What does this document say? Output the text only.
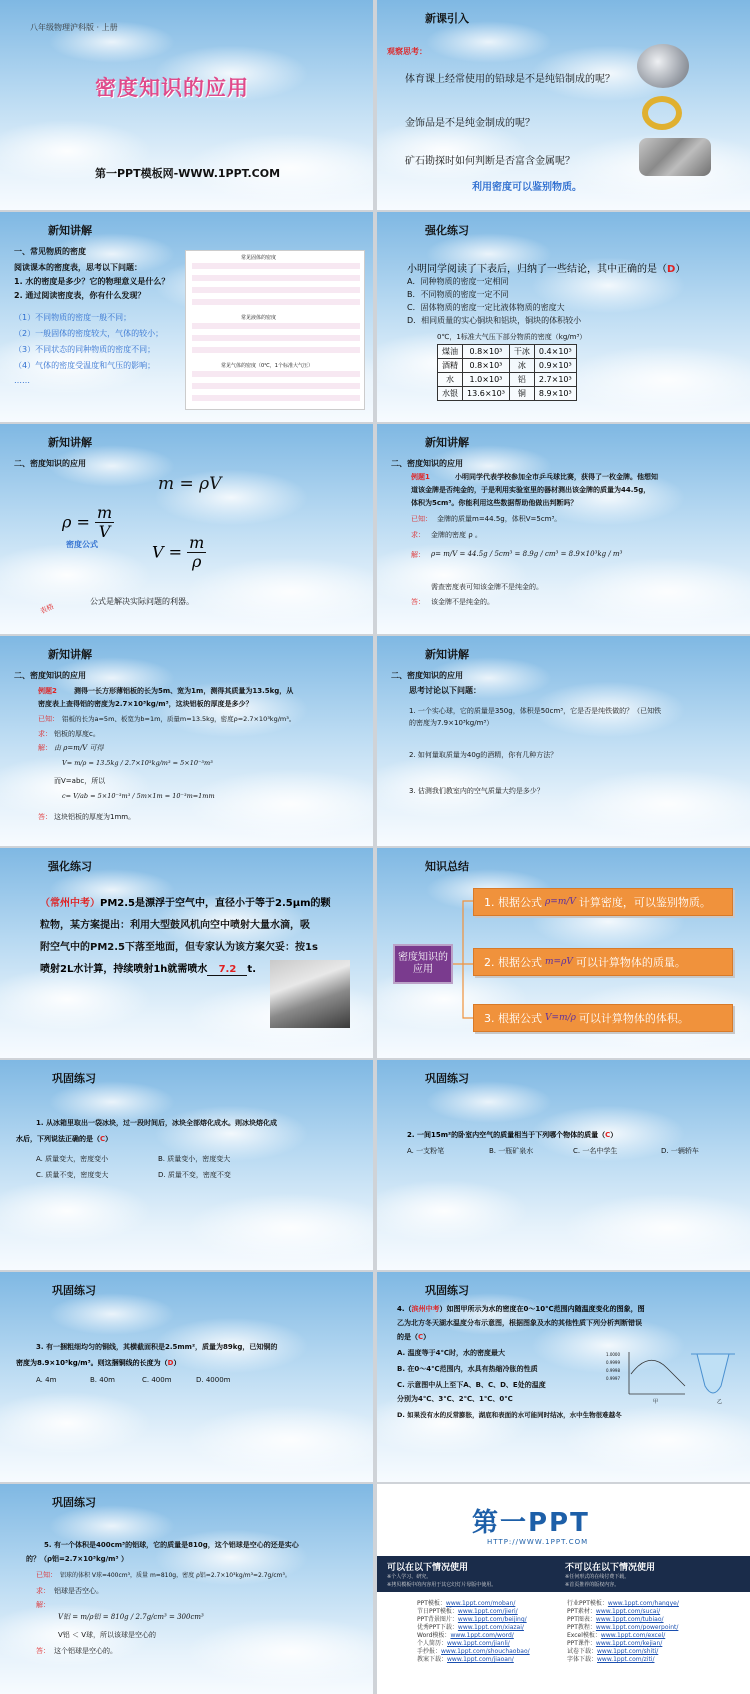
八年级物理沪科版 · 上册
密度知识的应用
第一PPT模板网-WWW.1PPT.COM
新课引入
观察思考：
体育课上经常使用的铅球是不是纯铅制成的呢？
金饰品是不是纯金制成的呢？
矿石勘探时如何判断是否富含金属呢？
利用密度可以鉴别物质。
新知讲解
一、常见物质的密度
阅读课本的密度表，思考以下问题：
1. 水的密度是多少？它的物理意义是什么？
2. 通过阅读密度表，你有什么发现？
（1）不同物质的密度一般不同；
（2）一般固体的密度较大，气体的较小；
（3）不同状态的同种物质的密度不同；
（4）气体的密度受温度和气压的影响；
……
常见固体的密度
常见液体的密度
常见气体的密度（0℃，1个标准大气压）
强化练习
小明同学阅读了下表后，归纳了一些结论，其中正确的是（D）
A．同种物质的密度一定相同
B．不同物质的密度一定不同
C．固体物质的密度一定比液体物质的密度大
D．相同质量的实心铜块和铝块，铜块的体积较小
0℃，1标准大气压下部分物质的密度（kg/m³）
煤油	0.8×10³	干冰	0.4×10³
酒精	0.8×10³	冰	0.9×10³
水	1.0×10³	铝	2.7×10³
水银	13.6×10³	铜	8.9×10³
新知讲解
二、密度知识的应用
m = ρV
$\rho = \frac{m}{V}$
密度公式	$V = \frac{m}{\rho}$
表格
公式是解决实际问题的利器。
新知讲解
二、密度知识的应用
例题1	小明同学代表学校参加全市乒乓球比赛，获得了一枚金牌。他想知
道该金牌是否纯金的，于是利用实验室里的器材测出该金牌的质量为44.5g，
体积为5cm³。你能利用这些数据帮助他做出判断吗？
已知： 金牌的质量m=44.5g，体积V=5cm³。
求： 金牌的密度 ρ 。
解： ρ= m/V = 44.5g / 5cm³ = 8.9g / cm³ = 8.9×10³kg / m³
需查密度表可知该金牌不是纯金的。
答： 该金牌不是纯金的。
新知讲解
二、密度知识的应用
例题2 测得一长方形薄铝板的长为5m、宽为1m，测得其质量为13.5kg，从
密度表上查得铝的密度为2.7×10³kg/m³，这块铝板的厚度是多少？
已知： 铝板的长为a=5m、板宽为b=1m，质量m=13.5kg，密度ρ=2.7×10³kg/m³。
求： 铝板的厚度c。
解： 由 ρ=m/V 可得
V= m/ρ = 13.5kg / 2.7×10³kg/m³ = 5×10⁻³m³
而V=abc，所以
c= V/ab = 5×10⁻³m³ / 5m×1m = 10⁻³m=1mm
答： 这块铝板的厚度为1mm。
新知讲解
二、密度知识的应用
思考讨论以下问题：
1. 一个实心球，它的质量是350g，体积是50cm³，它是否是纯铁做的？（已知铁
的密度为7.9×10³kg/m³）
2. 如何量取质量为40g的酒精，你有几种方法？
3. 估测我们教室内的空气质量大约是多少？
强化练习
（常州中考）PM2.5是漂浮于空气中，直径小于等于2.5μm的颗
粒物，某方案提出：利用大型鼓风机向空中喷射大量水滴，吸
附空气中的PM2.5下落至地面，但专家认为该方案欠妥：按1s
喷射2L水计算，持续喷射1h就需喷水 7.2 t.
知识总结
密度知识的应用
1. 根据公式 ρ=m/V 计算密度，可以鉴别物质。
2. 根据公式 m=ρV 可以计算物体的质量。
3. 根据公式 V=m/ρ 可以计算物体的体积。
巩固练习
1. 从冰箱里取出一袋冰块，过一段时间后，冰块全部熔化成水。则冰块熔化成
水后，下列说法正确的是（C）
A. 质量变大，密度变小	B. 质量变小，密度变大
C. 质量不变，密度变大	D. 质量不变，密度不变
巩固练习
2. 一间15m²的卧室内空气的质量相当于下列哪个物体的质量（C）
A. 一支粉笔	B. 一瓶矿泉水	C. 一名中学生	D. 一辆轿车
巩固练习
3. 有一捆粗细均匀的铜线，其横截面积是2.5mm²，质量为89kg，已知铜的
密度为8.9×10³kg/m³。则这捆铜线的长度为（D）
A. 4m	B. 40m	C. 400m	D. 4000m
巩固练习
4.（滨州中考）如图甲所示为水的密度在0～10℃范围内随温度变化的图象，图
乙为北方冬天湖水温度分布示意图，根据图象及水的其他性质下列分析判断错误
的是（C）
A. 温度等于4℃时，水的密度最大
B. 在0～4℃范围内，水具有热缩冷胀的性质
C. 示意图中从上至下A、B、C、D、E处的温度
分别为4℃、3℃、2℃、1℃、0℃
D. 如果没有水的反常膨胀，湖底和表面的水可能同时结冰，水中生物很难越冬
1.0000
0.9999
0.9998
0.9997
甲	乙
巩固练习
5. 有一个体积是400cm³的铝球，它的质量是810g，这个铝球是空心的还是实心
的？（ρ铝=2.7×10³kg/m³ ）
已知： 铝球的体积 V球=400cm³，质量 m=810g，密度 ρ铝=2.7×10³kg/m³=2.7g/cm³。
求： 铝球是否空心。
解：
V铝 = m/ρ铝 = 810g / 2.7g/cm³ = 300cm³
V铝 ＜ V球，所以该球是空心的
答： 这个铝球是空心的。
第一PPT
HTTP://WWW.1PPT.COM
可以在以下情况使用
※个人学习、研究。
※拷贝模板中的内容用于其它幻灯片母版中使用。
不可以在以下情况使用
※任何形式的在线付费下载。
※首页推荐的版权内容。
PPT模板：www.1ppt.com/moban/
节日PPT模板：www.1ppt.com/jieri/
PPT背景图片：www.1ppt.com/beijing/
优秀PPT下载：www.1ppt.com/xiazai/
Word模板：www.1ppt.com/word/
个人简历：www.1ppt.com/jianli/
手抄报：www.1ppt.com/shouchaobao/
教案下载：www.1ppt.com/jiaoan/
行业PPT模板：www.1ppt.com/hangye/
PPT素材：www.1ppt.com/sucai/
PPT图表：www.1ppt.com/tubiao/
PPT教程：www.1ppt.com/powerpoint/
Excel模板：www.1ppt.com/excel/
PPT课件：www.1ppt.com/kejian/
试卷下载：www.1ppt.com/shiti/
字体下载：www.1ppt.com/ziti/
